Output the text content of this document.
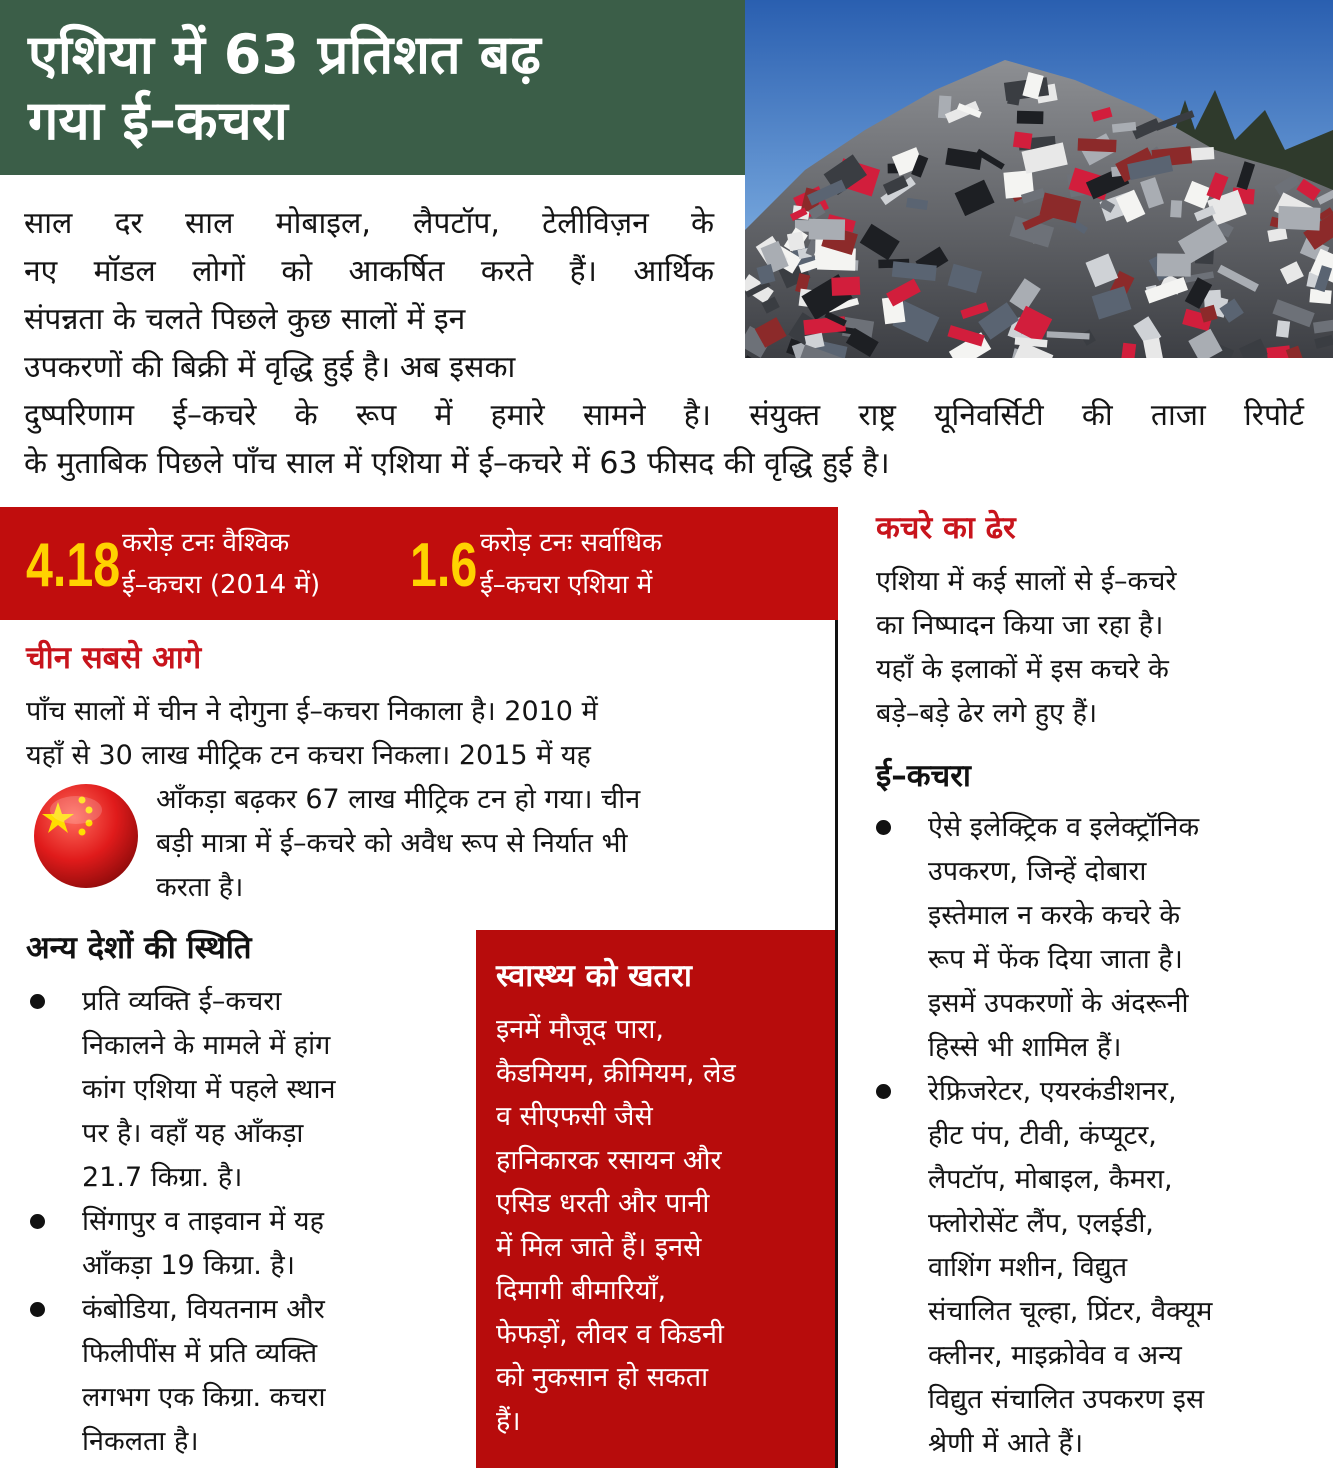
एशिया में 63 प्रतिशत बढ़
गया ई–कचरा
साल दर साल मोबाइल, लैपटॉप, टेलीविज़न के
नए मॉडल लोगों को आकर्षित करते हैं। आर्थिक
संपन्नता के चलते पिछले कुछ सालों में इन
उपकरणों की बिक्री में वृद्धि हुई है। अब इसका
दुष्परिणाम ई–कचरे के रूप में हमारे सामने है। संयुक्त राष्ट्र यूनिवर्सिटी की ताजा रिपोर्ट
के मुताबिक पिछले पाँच साल में एशिया में ई–कचरे में 63 फीसद की वृद्धि हुई है।
4.18 करोड़ टनः वैश्विक
ई–कचरा (2014 में) 1.6 करोड़ टनः सर्वाधिक
ई–कचरा एशिया में
चीन सबसे आगे
पाँच सालों में चीन ने दोगुना ई–कचरा निकाला है। 2010 में
यहाँ से 30 लाख मीट्रिक टन कचरा निकला। 2015 में यह
आँकड़ा बढ़कर 67 लाख मीट्रिक टन हो गया। चीन
बड़ी मात्रा में ई–कचरे को अवैध रूप से निर्यात भी
करता है।
अन्य देशों की स्थिति
प्रति व्यक्ति ई–कचरा
निकालने के मामले में हांग
कांग एशिया में पहले स्थान
पर है। वहाँ यह आँकड़ा
21.7 किग्रा. है।
सिंगापुर व ताइवान में यह
आँकड़ा 19 किग्रा. है।
कंबोडिया, वियतनाम और
फिलीपींस में प्रति व्यक्ति
लगभग एक किग्रा. कचरा
निकलता है।
स्वास्थ्य को खतरा
इनमें मौजूद पारा,
कैडमियम, क्रीमियम, लेड
व सीएफसी जैसे
हानिकारक रसायन और
एसिड धरती और पानी
में मिल जाते हैं। इनसे
दिमागी बीमारियाँ,
फेफड़ों, लीवर व किडनी
को नुकसान हो सकता
हैं।
कचरे का ढेर
एशिया में कई सालों से ई–कचरे
का निष्पादन किया जा रहा है।
यहाँ के इलाकों में इस कचरे के
बड़े–बड़े ढेर लगे हुए हैं।
ई–कचरा
ऐसे इलेक्ट्रिक व इलेक्ट्रॉनिक
उपकरण, जिन्हें दोबारा
इस्तेमाल न करके कचरे के
रूप में फेंक दिया जाता है।
इसमें उपकरणों के अंदरूनी
हिस्से भी शामिल हैं।
रेफ्रिजरेटर, एयरकंडीशनर,
हीट पंप, टीवी, कंप्यूटर,
लैपटॉप, मोबाइल, कैमरा,
फ्लोरोसेंट लैंप, एलईडी,
वाशिंग मशीन, विद्युत
संचालित चूल्हा, प्रिंटर, वैक्यूम
क्लीनर, माइक्रोवेव व अन्य
विद्युत संचालित उपकरण इस
श्रेणी में आते हैं।
